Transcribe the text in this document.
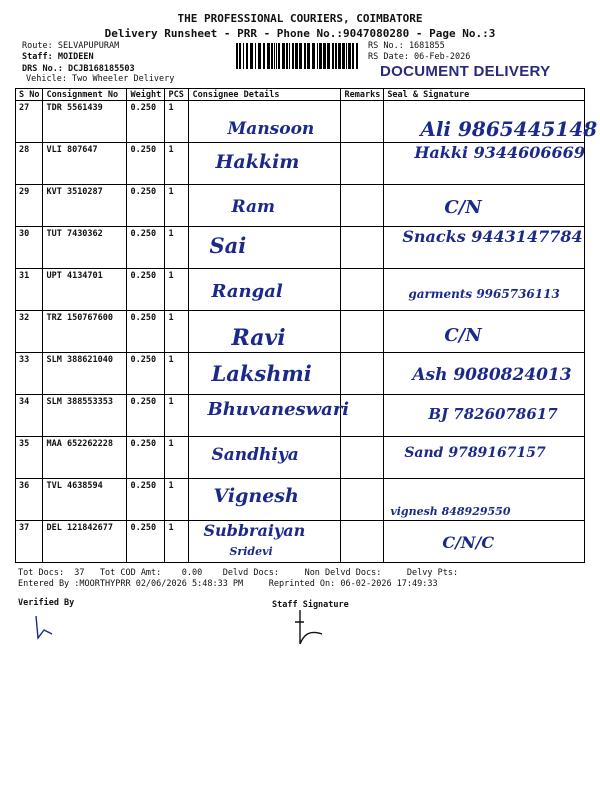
THE PROFESSIONAL COURIERS, COIMBATORE
Delivery Runsheet - PRR - Phone No.:9047080280 - Page No.:3
Route: SELVAPUPURAM
Staff: MOIDEEN
DRS No.: DCJB168185503
Vehicle: Two Wheeler Delivery
RS No.: 1681855
RS Date: 06-Feb-2026
DOCUMENT DELIVERY
S No	Consignment No	Weight	PCS	Consignee Details	Remarks	Seal & Signature
27	TDR 5561439	0.250	1	Mansoon		Ali 9865445148

28	VLI 807647	0.250	1	Hakkim		Hakki 9344606669

29	KVT 3510287	0.250	1	Ram		C/N

30	TUT 7430362	0.250	1	Sai		Snacks 9443147784

31	UPT 4134701	0.250	1	Rangal		garments 9965736113

32	TRZ 150767600	0.250	1	Ravi		C/N

33	SLM 388621040	0.250	1	Lakshmi		Ash 9080824013

34	SLM 388553353	0.250	1	Bhuvaneswari		BJ 7826078617

35	MAA 652262228	0.250	1	Sandhiya		Sand 9789167157

36	TVL 4638594	0.250	1	Vignesh		vignesh 848929550

37	DEL 121842677	0.250	1	Subbraiyan
Sridevi		C/N/C
Tot Docs:  37   Tot COD Amt:    0.00    Delvd Docs:     Non Delvd Docs:     Delvy Pts:
Entered By :MOORTHYPRR 02/06/2026 5:48:33 PM     Reprinted On: 06-02-2026 17:49:33
Verified By	Staff Signature
